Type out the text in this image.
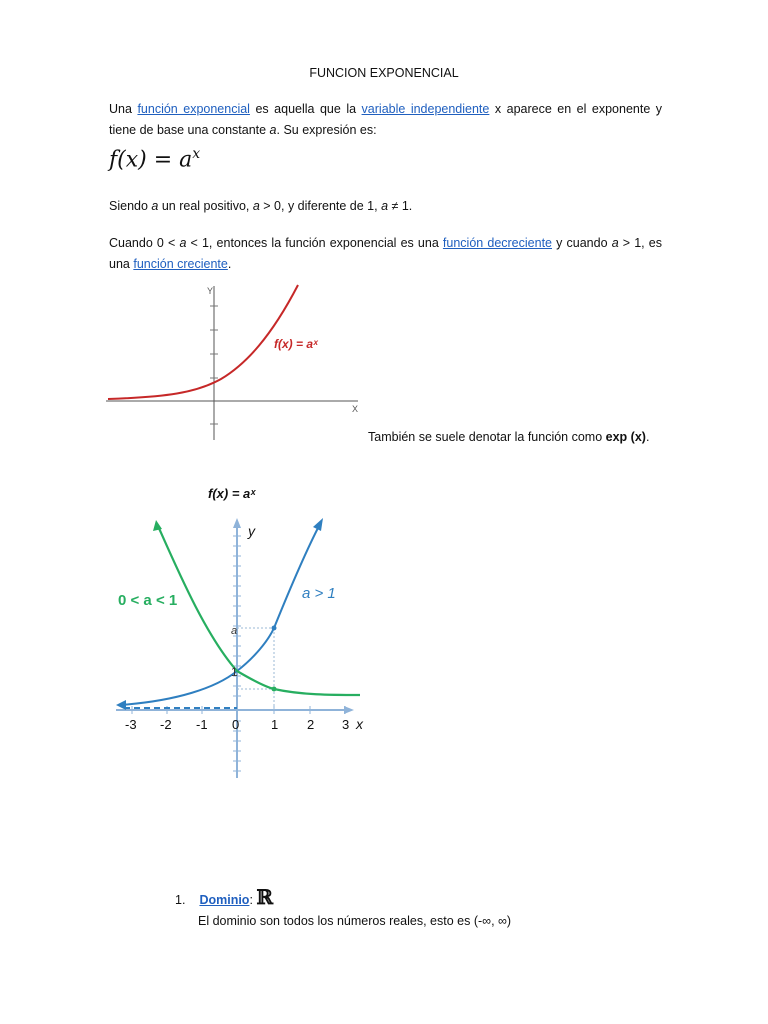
FUNCION EXPONENCIAL
Una función exponencial es aquella que la variable independiente x aparece en el exponente y tiene de base una constante a. Su expresión es:
$f(x) = a^x$
Siendo a un real positivo, a > 0, y diferente de 1, a ≠ 1.
Cuando 0 < a < 1, entonces la función exponencial es una función decreciente y cuando a > 1, es una función creciente.
Y
X
f(x) = aˣ
También se suele denotar la función como exp (x).
f(x) = aˣ
y
x
-3 -2 -1 0 1 2 3
a
1
0 < a < 1	a > 1
1. Dominio: ℝ
El dominio son todos los números reales, esto es (-∞, ∞)
